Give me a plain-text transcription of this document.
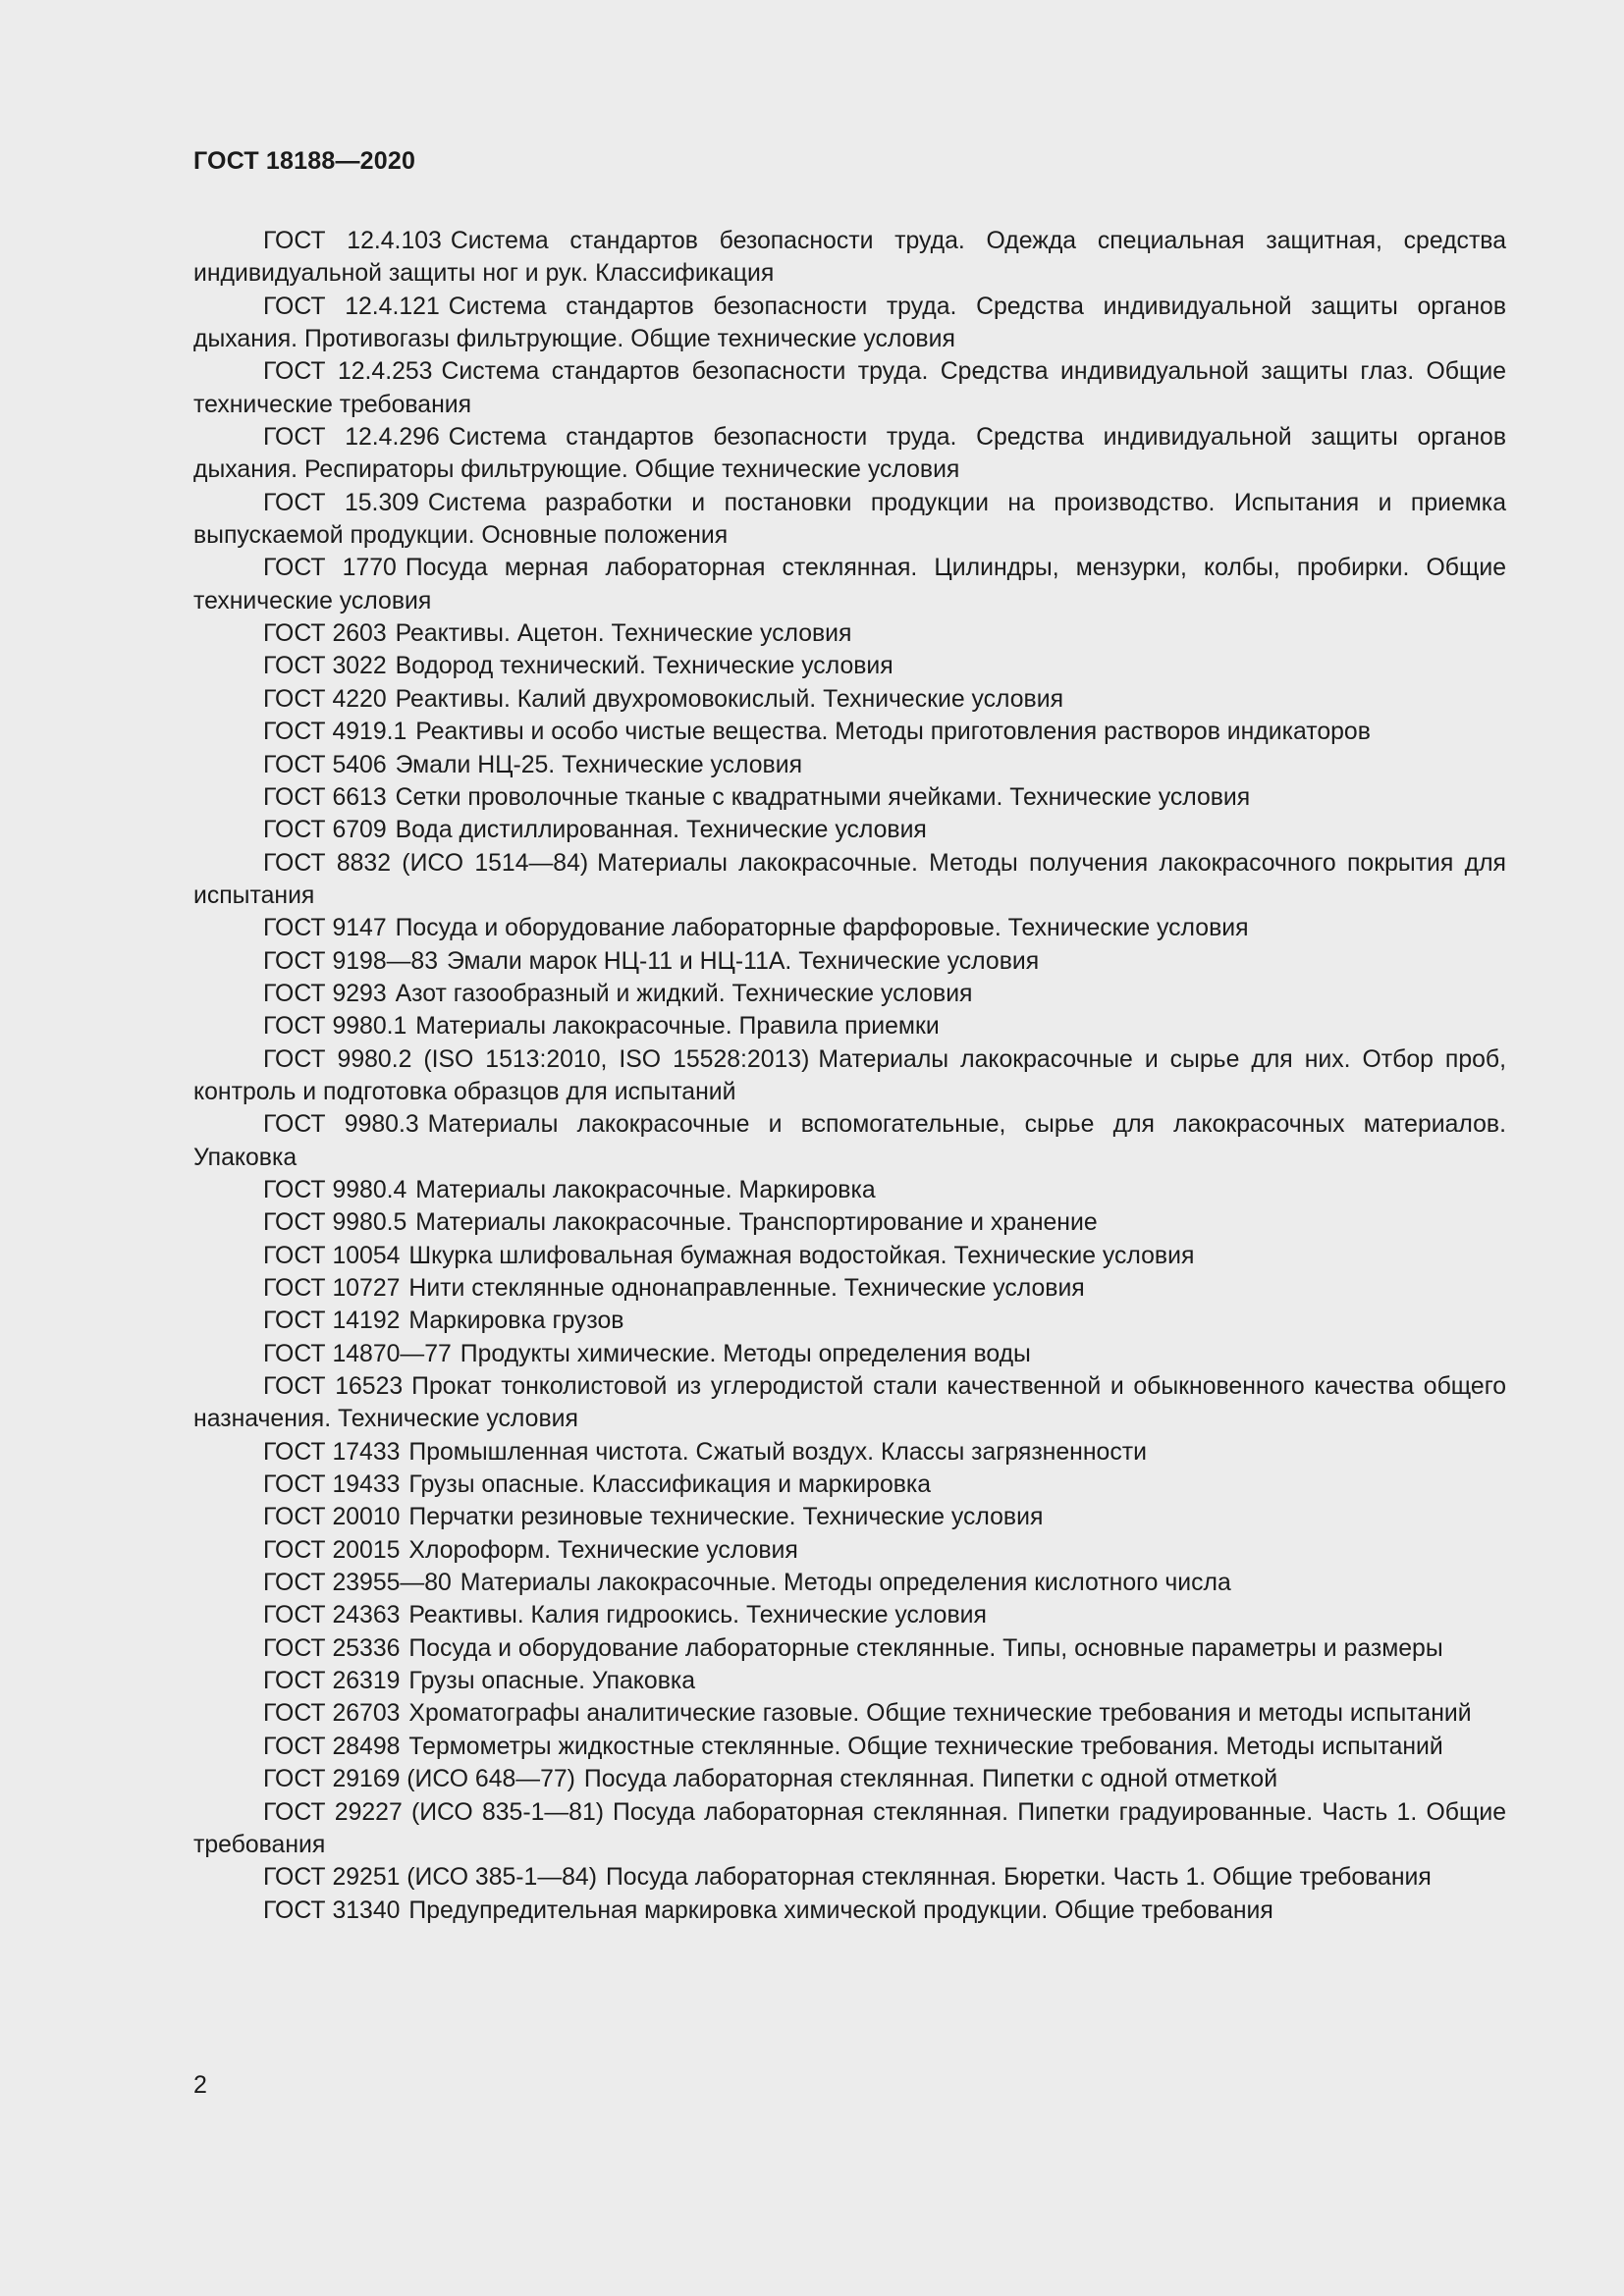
ГОСТ 18188—2020

ГОСТ 12.4.103 Система стандартов безопасности труда. Одежда специальная защитная, средства индивидуальной защиты ног и рук. Классификация

ГОСТ 12.4.121 Система стандартов безопасности труда. Средства индивидуальной защиты органов дыхания. Противогазы фильтрующие. Общие технические условия

ГОСТ 12.4.253 Система стандартов безопасности труда. Средства индивидуальной защиты глаз. Общие технические требования

ГОСТ 12.4.296 Система стандартов безопасности труда. Средства индивидуальной защиты органов дыхания. Респираторы фильтрующие. Общие технические условия

ГОСТ 15.309 Система разработки и постановки продукции на производство. Испытания и приемка выпускаемой продукции. Основные положения

ГОСТ 1770 Посуда мерная лабораторная стеклянная. Цилиндры, мензурки, колбы, пробирки. Общие технические условия

ГОСТ 2603 Реактивы. Ацетон. Технические условия

ГОСТ 3022 Водород технический. Технические условия

ГОСТ 4220 Реактивы. Калий двухромовокислый. Технические условия

ГОСТ 4919.1 Реактивы и особо чистые вещества. Методы приготовления растворов индикаторов

ГОСТ 5406 Эмали НЦ-25. Технические условия

ГОСТ 6613 Сетки проволочные тканые с квадратными ячейками. Технические условия

ГОСТ 6709 Вода дистиллированная. Технические условия

ГОСТ 8832 (ИСО 1514—84) Материалы лакокрасочные. Методы получения лакокрасочного покрытия для испытания

ГОСТ 9147 Посуда и оборудование лабораторные фарфоровые. Технические условия

ГОСТ 9198—83 Эмали марок НЦ-11 и НЦ-11А. Технические условия

ГОСТ 9293 Азот газообразный и жидкий. Технические условия

ГОСТ 9980.1 Материалы лакокрасочные. Правила приемки

ГОСТ 9980.2 (ISO 1513:2010, ISO 15528:2013) Материалы лакокрасочные и сырье для них. Отбор проб, контроль и подготовка образцов для испытаний

ГОСТ 9980.3 Материалы лакокрасочные и вспомогательные, сырье для лакокрасочных материалов. Упаковка

ГОСТ 9980.4 Материалы лакокрасочные. Маркировка

ГОСТ 9980.5 Материалы лакокрасочные. Транспортирование и хранение

ГОСТ 10054 Шкурка шлифовальная бумажная водостойкая. Технические условия

ГОСТ 10727 Нити стеклянные однонаправленные. Технические условия

ГОСТ 14192 Маркировка грузов

ГОСТ 14870—77 Продукты химические. Методы определения воды

ГОСТ 16523 Прокат тонколистовой из углеродистой стали качественной и обыкновенного качества общего назначения. Технические условия

ГОСТ 17433 Промышленная чистота. Сжатый воздух. Классы загрязненности

ГОСТ 19433 Грузы опасные. Классификация и маркировка

ГОСТ 20010 Перчатки резиновые технические. Технические условия

ГОСТ 20015 Хлороформ. Технические условия

ГОСТ 23955—80 Материалы лакокрасочные. Методы определения кислотного числа

ГОСТ 24363 Реактивы. Калия гидроокись. Технические условия

ГОСТ 25336 Посуда и оборудование лабораторные стеклянные. Типы, основные параметры и размеры

ГОСТ 26319 Грузы опасные. Упаковка

ГОСТ 26703 Хроматографы аналитические газовые. Общие технические требования и методы испытаний

ГОСТ 28498 Термометры жидкостные стеклянные. Общие технические требования. Методы испытаний

ГОСТ 29169 (ИСО 648—77) Посуда лабораторная стеклянная. Пипетки с одной отметкой

ГОСТ 29227 (ИСО 835-1—81) Посуда лабораторная стеклянная. Пипетки градуированные. Часть 1. Общие требования

ГОСТ 29251 (ИСО 385-1—84) Посуда лабораторная стеклянная. Бюретки. Часть 1. Общие требования

ГОСТ 31340 Предупредительная маркировка химической продукции. Общие требования

2
